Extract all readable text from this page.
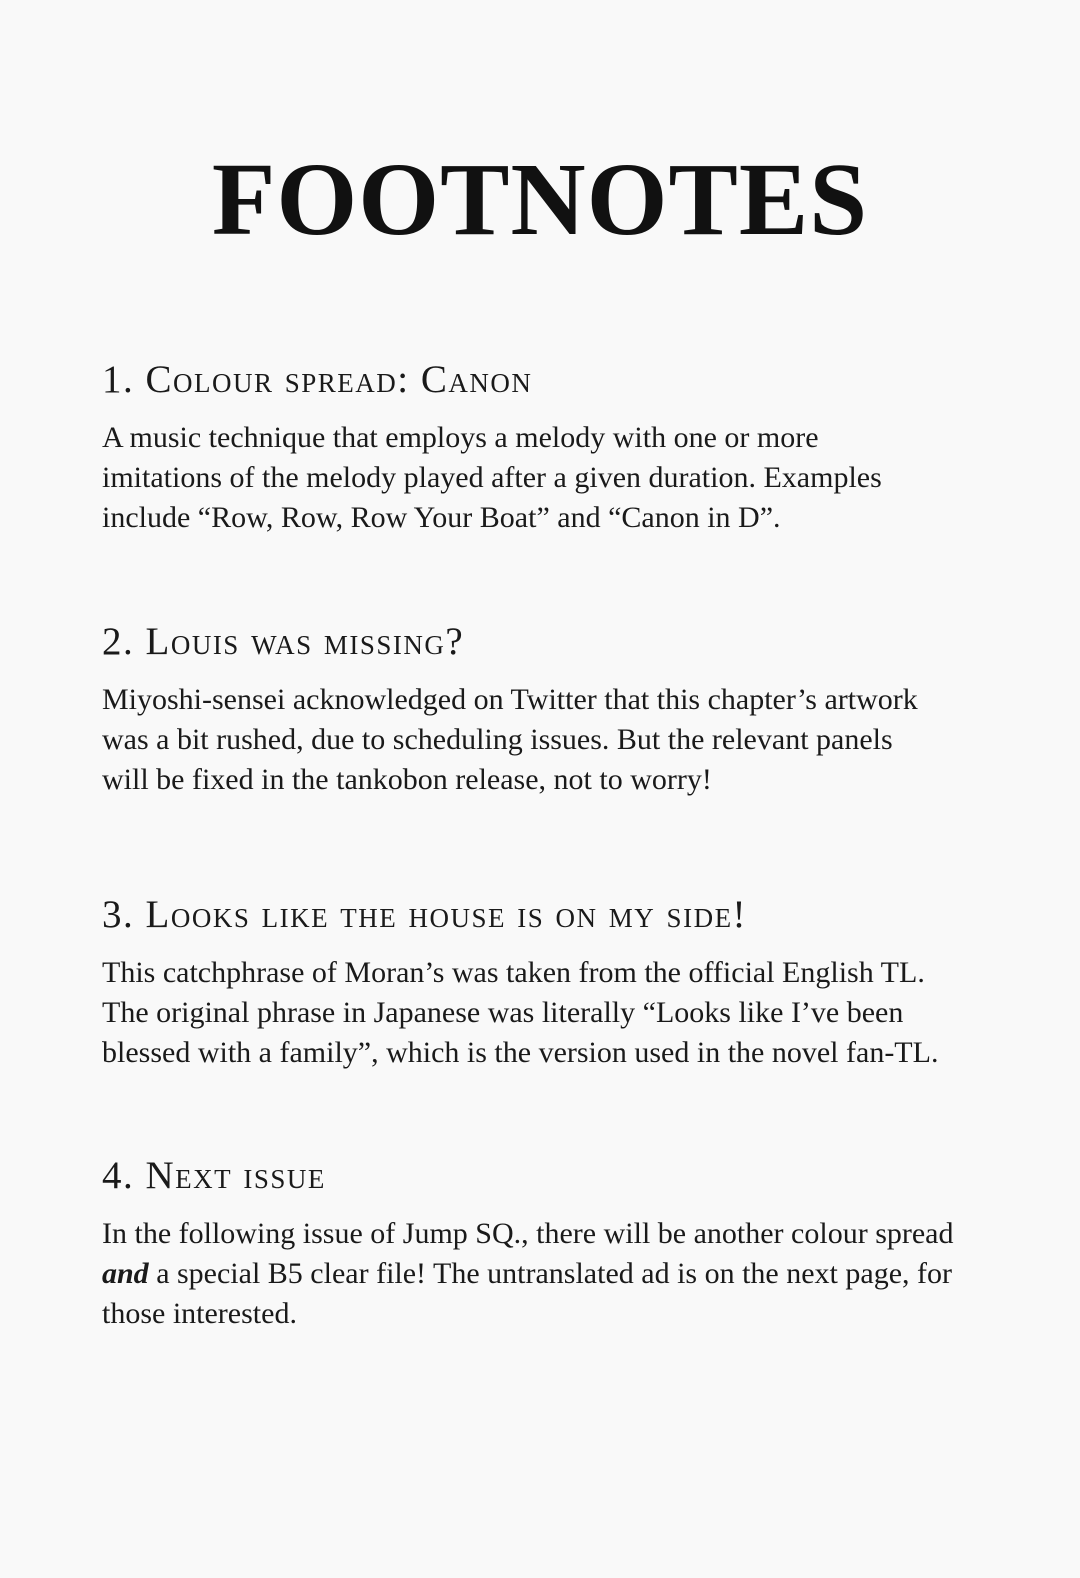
FOOTNOTES
1. Colour spread: Canon

A music technique that employs a melody with one or more
imitations of the melody played after a given duration. Examples
include “Row, Row, Row Your Boat” and “Canon in D”.

2. Louis was missing?

Miyoshi-sensei acknowledged on Twitter that this chapter’s artwork
was a bit rushed, due to scheduling issues. But the relevant panels
will be fixed in the tankobon release, not to worry!

3. Looks like the house is on my side!

This catchphrase of Moran’s was taken from the official English TL.
The original phrase in Japanese was literally “Looks like I’ve been
blessed with a family”, which is the version used in the novel fan-TL.

4. Next issue

In the following issue of Jump SQ., there will be another colour spread
and a special B5 clear file! The untranslated ad is on the next page, for
those interested.
